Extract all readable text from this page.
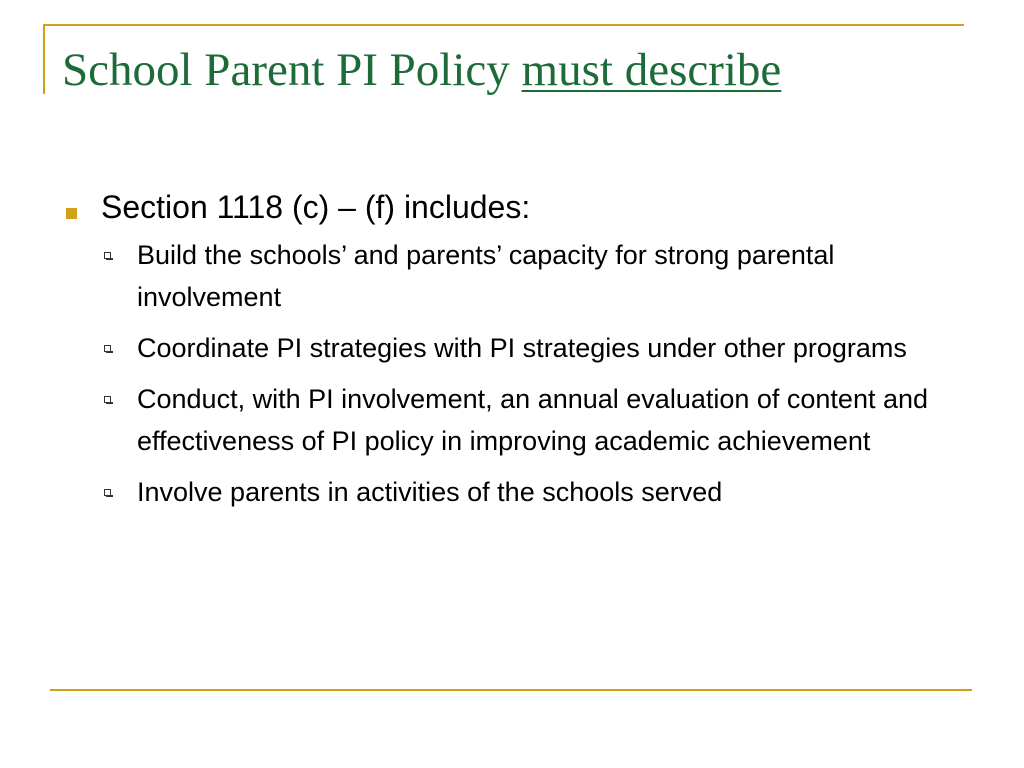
School Parent PI Policy must describe
Section 1118 (c) – (f) includes:
Build the schools’ and parents’ capacity for strong parental involvement
Coordinate PI strategies with PI strategies under other programs
Conduct, with PI involvement, an annual evaluation of content and effectiveness of PI policy in improving academic achievement
Involve parents in activities of the schools served
